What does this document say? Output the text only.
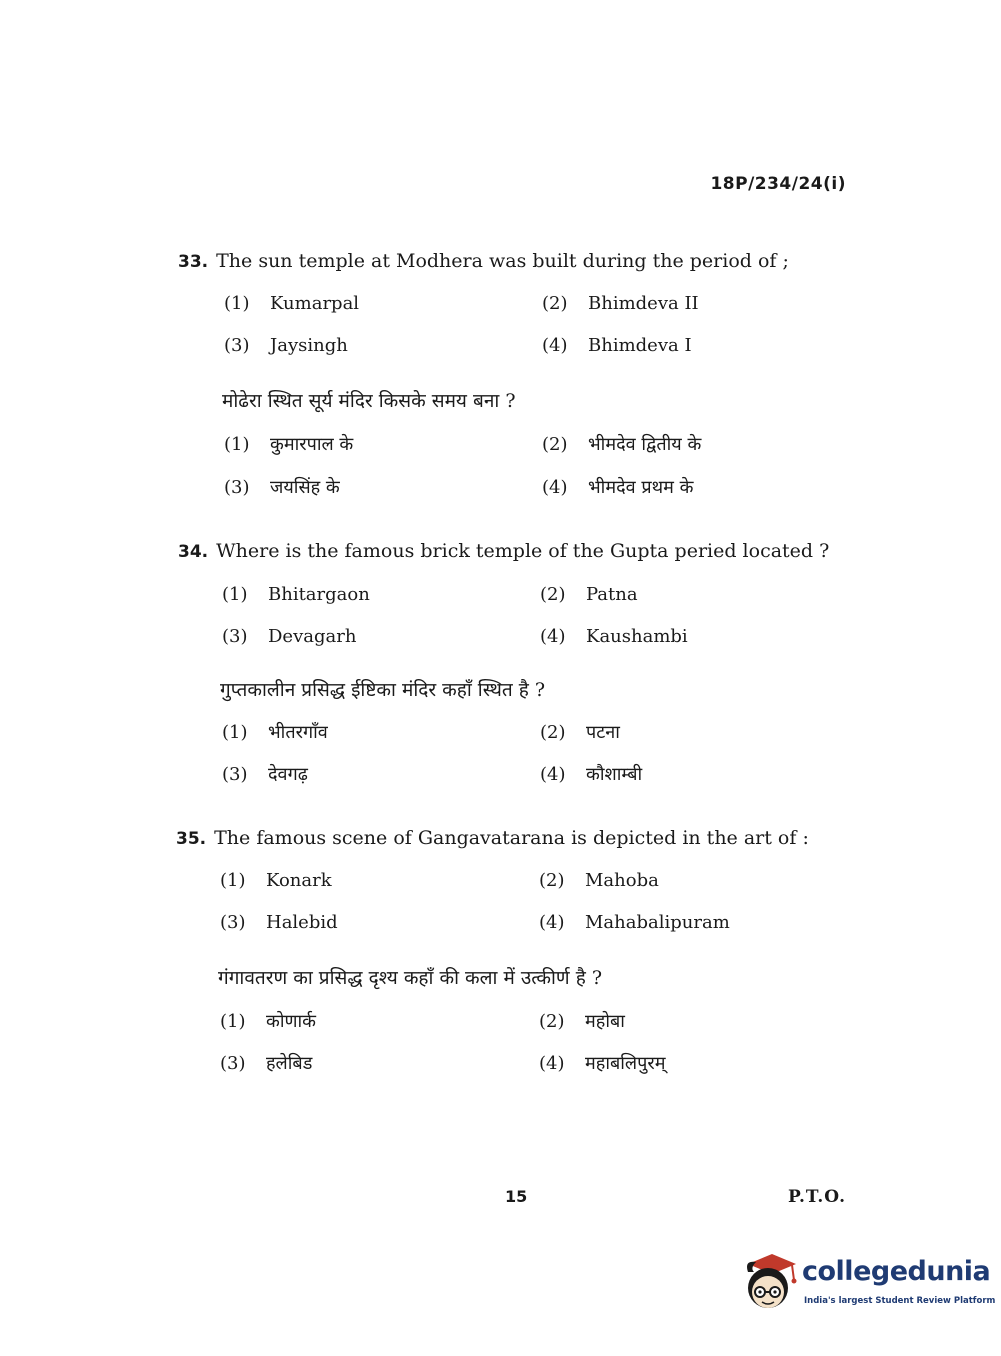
18P/234/24(i)
33. The sun temple at Modhera was built during the period of ;
(1) Kumarpal	(2) Bhimdeva II
(3) Jaysingh	(4) Bhimdeva I
मोढेरा स्थित सूर्य मंदिर किसके समय बना ?
(1) कुमारपाल के	(2) भीमदेव द्वितीय के
(3) जयसिंह के	(4) भीमदेव प्रथम के
34. Where is the famous brick temple of the Gupta peried located ?
(1) Bhitargaon	(2) Patna
(3) Devagarh	(4) Kaushambi
गुप्तकालीन प्रसिद्ध ईष्टिका मंदिर कहाँ स्थित है ?
(1) भीतरगाँव	(2) पटना
(3) देवगढ़	(4) कौशाम्बी
35. The famous scene of Gangavatarana is depicted in the art of :
(1) Konark	(2) Mahoba
(3) Halebid	(4) Mahabalipuram
गंगावतरण का प्रसिद्ध दृश्य कहाँ की कला में उत्कीर्ण है ?
(1) कोणार्क	(2) महोबा
(3) हलेबिड	(4) महाबलिपुरम्
15	P.T.O.
collegedunia
India's largest Student Review Platform
